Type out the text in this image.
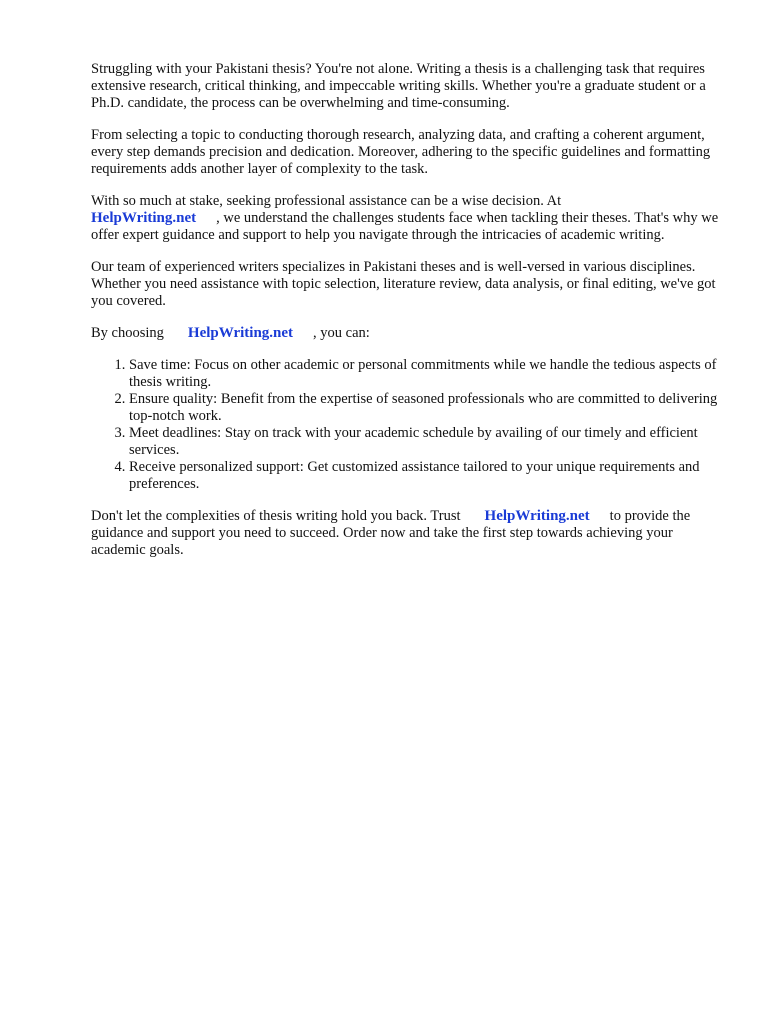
Struggling with your Pakistani thesis? You're not alone. Writing a thesis is a challenging task that requires extensive research, critical thinking, and impeccable writing skills. Whether you're a graduate student or a Ph.D. candidate, the process can be overwhelming and time-consuming.

From selecting a topic to conducting thorough research, analyzing data, and crafting a coherent argument, every step demands precision and dedication. Moreover, adhering to the specific guidelines and formatting requirements adds another layer of complexity to the task.

With so much at stake, seeking professional assistance can be a wise decision. At
HelpWriting.net , we understand the challenges students face when tackling their theses. That's why we offer expert guidance and support to help you navigate through the intricacies of academic writing.

Our team of experienced writers specializes in Pakistani theses and is well-versed in various disciplines. Whether you need assistance with topic selection, literature review, data analysis, or final editing, we've got you covered.

By choosing HelpWriting.net , you can:

1. Save time: Focus on other academic or personal commitments while we handle the tedious aspects of thesis writing.
2. Ensure quality: Benefit from the expertise of seasoned professionals who are committed to delivering top-notch work.
3. Meet deadlines: Stay on track with your academic schedule by availing of our timely and efficient services.
4. Receive personalized support: Get customized assistance tailored to your unique requirements and preferences.

Don't let the complexities of thesis writing hold you back. Trust HelpWriting.net to provide the guidance and support you need to succeed. Order now and take the first step towards achieving your academic goals.
